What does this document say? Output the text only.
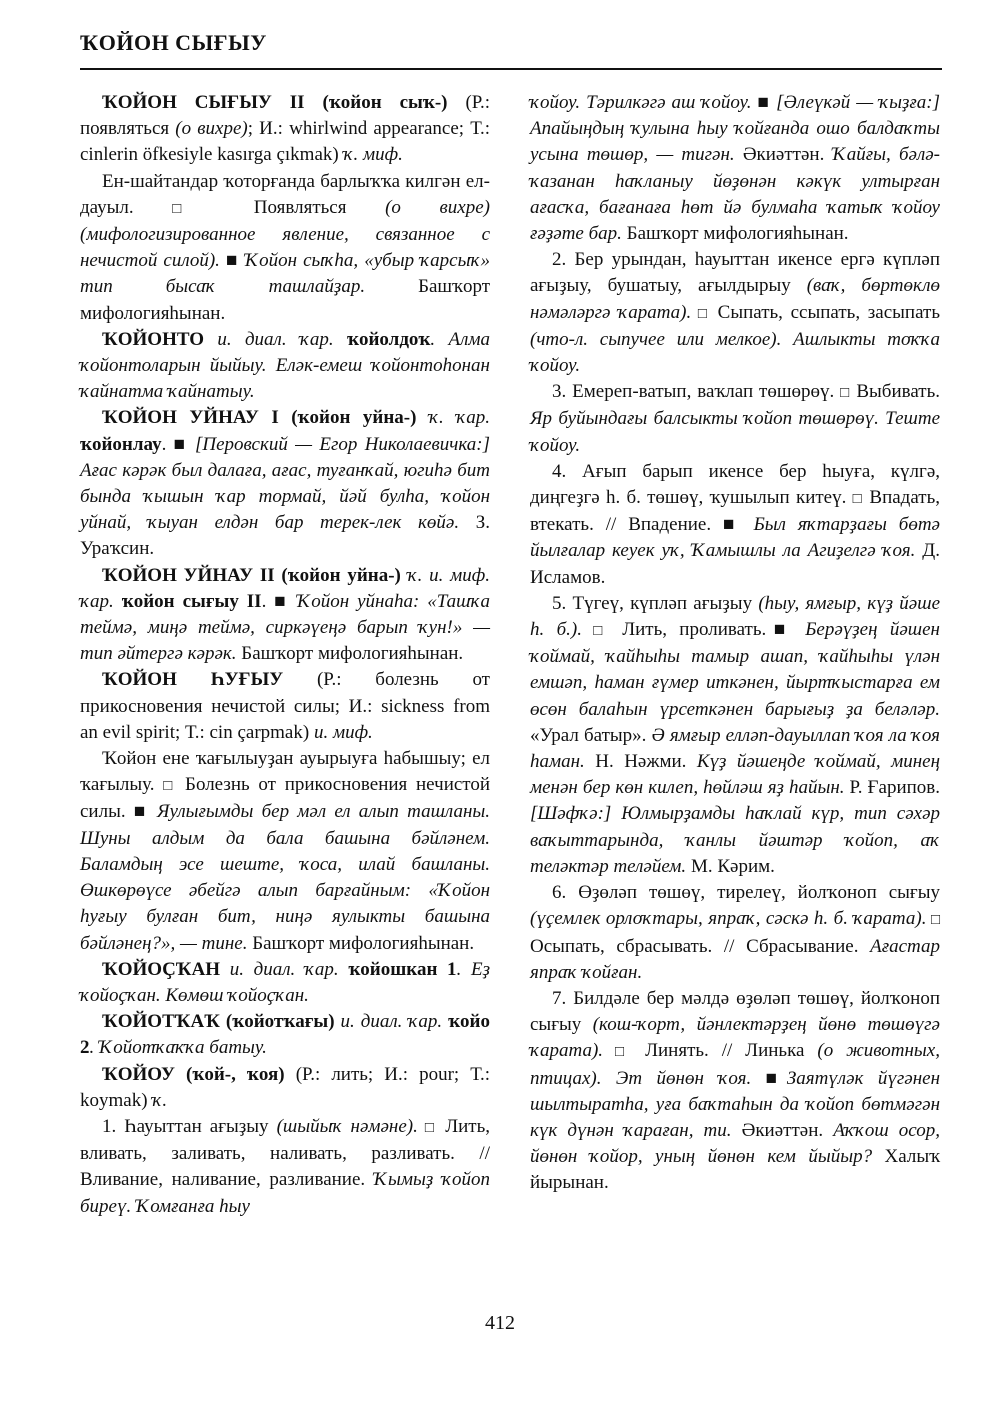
ҠОЙОН СЫҒЫУ

ҠОЙОН СЫҒЫУ II (ҡойон сыҡ-) (Р.: появляться (о вихре); И.: whirlwind appearance; Т.: cinlerin öfkesiyle kasırga çıkmak) ҡ. миф.

Ен-шайтандар ҡоторғанда барлыҡҡа килгән ел-дауыл. □ Появляться (о вихре) (мифологизированное явление, связанное с нечистой силой). ■ Ҡойон сыҡһа, «убыр ҡарсыҡ» тип бысаҡ ташлайҙар. Башҡорт мифологияһынан.

ҠОЙОНТО и. диал. ҡар. ҡойолдоҡ. Алма ҡойонтоларын йыйыу. Еләк-емеш ҡойонтоһонан ҡайнатма ҡайнатыу.

ҠОЙОН УЙНАУ I (ҡойон уйна-) ҡ. ҡар. ҡойонлау. ■ [Перовский — Егор Николаевичка:] Ағас кәрәк был далаға, ағас, туғанҡай, югиһә бит бында ҡышын ҡар тормай, йәй булһа, ҡойон уйнай, ҡыуан елдән бар терек-лек көйә. З. Ураҡсин.

ҠОЙОН УЙНАУ II (ҡойон уйна-) ҡ. и. миф. ҡар. ҡойон сығыу II. ■ Ҡойон уйнаһа: «Ташҡа теймә, миңә теймә, сиркәүеңә барып ҡун!» — тип әйтергә кәрәк. Башҡорт мифологияһынан.

ҠОЙОН ҺУҒЫУ (Р.: болезнь от прикосновения нечистой силы; И.: sickness from an evil spirit; Т.: cin çarpmak) и. миф.

Ҡойон ене ҡағылыуҙан ауырыуға һабышыу; ел ҡағылыу. □ Болезнь от прикосновения нечистой силы. ■ Яулығымды бер мәл ел алып ташланы. Шуны алдым да бала башына бәйләнем. Баламдың эсе шеште, ҡоса, илай башланы. Өшкөрөүсе әбейгә алып барғайным: «Ҡойон һуғыу булған бит, ниңә яулыкты башына бәйләнең?», — тине. Башҡорт мифологияһынан.

ҠОЙОҪҠАН и. диал. ҡар. ҡойошкан 1. Еҙ ҡойоҫҡан. Көмөш ҡойоҫҡан.

ҠОЙОТҠАҠ (ҡойотҡағы) и. диал. ҡар. ҡойо 2. Ҡойотҡаҡҡа батыу.

ҠОЙОУ (ҡой-, ҡоя) (Р.: лить; И.: pour; Т.: koymak) ҡ.

1. Һауыттан ағыҙыу (шыйыҡ нәмәне). □ Лить, вливать, заливать, наливать, разливать. // Вливание, наливание, разливание. Ҡымыҙ ҡойоп биреү. Ҡомғанға һыу

ҡойоу. Тәрилкәгә аш ҡойоу. ■ [Әлеүкәй — ҡыҙға:] Апайыңдың ҡулына һыу ҡойғанда ошо балдаҡты усына төшөр, — тигән. Әкиәттән. Ҡайғы, бәлә-ҡазанан һаҡланыу йөҙөнән кәкүк ултырған ағасҡа, бағанаға һөт йә булмаһа ҡатыҡ ҡойоу ғәҙәте бар. Башҡорт мифологияһынан.

2. Бер урындан, һауыттан икенсе ергә күпләп ағыҙыу, бушатыу, ағылдырыу (ваҡ, бөртөклө нәмәләргә ҡарата). □ Сыпать, ссыпать, засыпать (что-л. сыпучее или мелкое). Ашлыкты тоҡҡа ҡойоу.

3. Емереп-ватып, ваҡлап төшөрөү. □ Выбивать. Яр буйындағы балсыкты ҡойоп төшөрөү. Теште ҡойоу.

4. Ағып барып икенсе бер һыуға, күлгә, диңгеҙгә һ. б. төшөү, ҡушылып китеү. □ Впадать, втекать. // Впадение. ■ Был яҡтарҙағы бөтә йылғалар кеуек уҡ, Ҡамышлы ла Агиҙелгә ҡоя. Д. Исламов.

5. Түгеү, күпләп ағыҙыу (һыу, ямғыр, күҙ йәше һ. б.). □ Лить, проливать.■ Берәүҙең йәшен ҡоймай, ҡайһыһы тамыр ашап, ҡайһыһы үлән емшәп, һаман ғүмер иткәнен, йыртҡыстарға ем өсөн балаһын үрсеткәнен барығыҙ ҙа беләләр. «Урал батыр». Ә ямғыр елләп-дауыллап ҡоя ла ҡоя һаман. Н. Нәжми. Күҙ йәшеңде ҡоймай, минең менән бер көн килеп, һөйләш яҙ һайын. Р. Ғарипов. [Шәфҡә:] Юлмырҙамды һаҡлай күр, тип сәхәр ваҡыттарында, ҡанлы йәштәр ҡойоп, аҡ теләктәр теләйем. М. Кәрим.

6. Өҙөләп төшөү, тирелеү, йолҡоноп сығыу (үҫемлек орлоҡтары, япраҡ, сәскә һ. б. ҡарата). □ Осыпать, сбрасывать. // Сбрасывание. Ағастар япраҡ ҡойған.

7. Билдәле бер мәлдә өҙөләп төшөү, йолҡоноп сығыу (кош-ҡорт, йәнлектәрҙең йөнө төшөүгә ҡарата). □ Линять. // Линька (о животных, птицах). Эт йөнөн ҡоя. ■Заятүләк йүгәнен шылтыратһа, уға баҡтаһын да ҡойоп бөтмәгән күк дүнән ҡараған, ти. Әкиәттән. Аҡҡош осор, йөнөн ҡойор, уның йөнөн кем йыйыр? Халыҡ йырынан.

412
